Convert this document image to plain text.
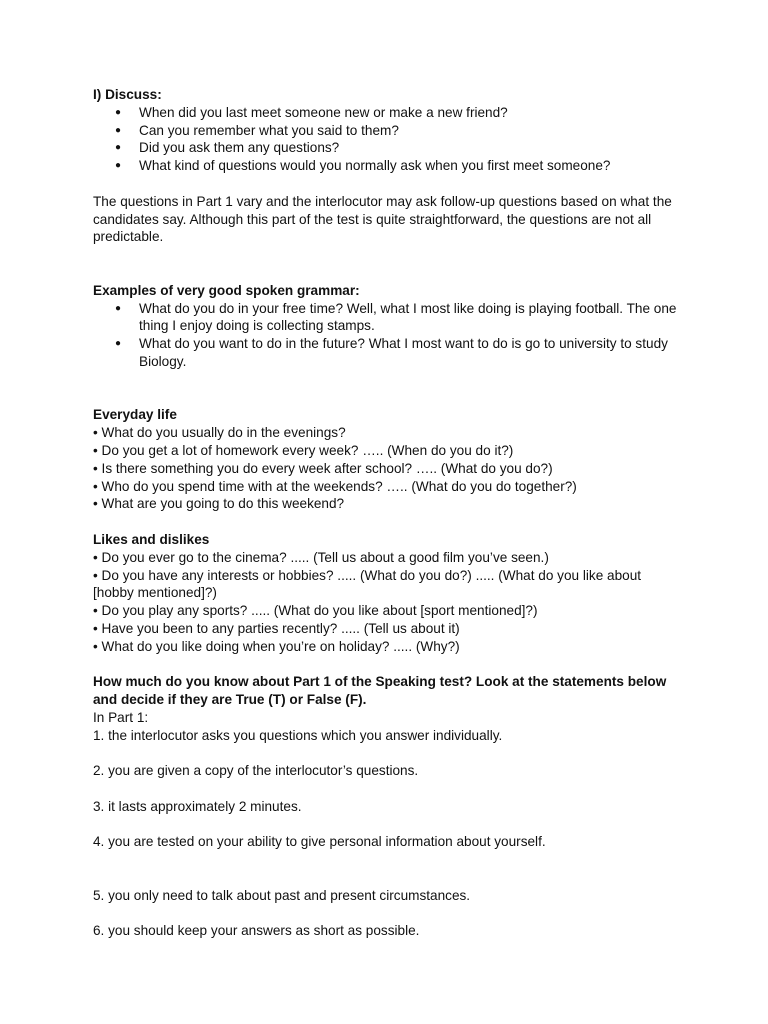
I) Discuss:
● When did you last meet someone new or make a new friend?
● Can you remember what you said to them?
● Did you ask them any questions?
● What kind of questions would you normally ask when you first meet someone?
The questions in Part 1 vary and the interlocutor may ask follow-up questions based on what the candidates say. Although this part of the test is quite straightforward, the questions are not all predictable.
Examples of very good spoken grammar:
● What do you do in your free time? Well, what I most like doing is playing football. The one thing I enjoy doing is collecting stamps.
● What do you want to do in the future? What I most want to do is go to university to study Biology.
Everyday life
• What do you usually do in the evenings?
• Do you get a lot of homework every week? ….. (When do you do it?)
• Is there something you do every week after school? ….. (What do you do?)
• Who do you spend time with at the weekends? ….. (What do you do together?)
• What are you going to do this weekend?
Likes and dislikes
• Do you ever go to the cinema? ..... (Tell us about a good film you’ve seen.)
• Do you have any interests or hobbies? ..... (What do you do?) ..... (What do you like about [hobby mentioned]?)
• Do you play any sports? ..... (What do you like about [sport mentioned]?)
• Have you been to any parties recently? ..... (Tell us about it)
• What do you like doing when you’re on holiday? ..... (Why?)
How much do you know about Part 1 of the Speaking test? Look at the statements below and decide if they are True (T) or False (F).
In Part 1:
1. the interlocutor asks you questions which you answer individually.
2. you are given a copy of the interlocutor’s questions.
3. it lasts approximately 2 minutes.
4. you are tested on your ability to give personal information about yourself.
5. you only need to talk about past and present circumstances.
6. you should keep your answers as short as possible.
